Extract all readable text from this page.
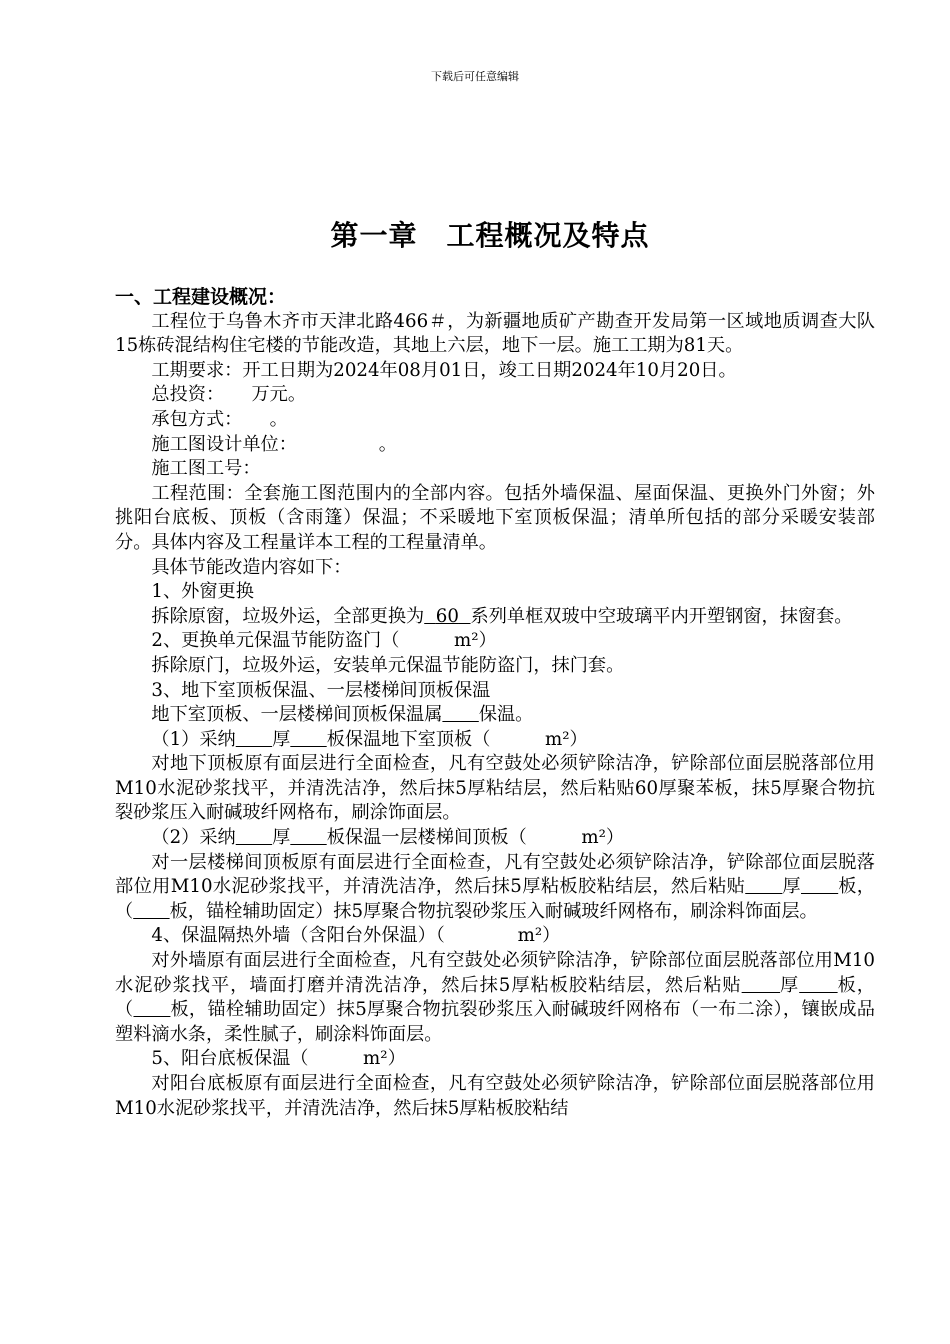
下载后可任意编辑
第一章　工程概况及特点

一、工程建设概况：

工程位于乌鲁木齐市天津北路466＃，为新疆地质矿产勘查开发局第一区域地质调查大队15栋砖混结构住宅楼的节能改造，其地上六层，地下一层。施工工期为81天。

工期要求：开工日期为2024年08月01日，竣工日期2024年10月20日。

总投资：　　 万元。

承包方式：　　 。

施工图设计单位：　　　　　	。

施工图工号：

工程范围：全套施工图范围内的全部内容。包括外墙保温、屋面保温、更换外门外窗；外挑阳台底板、顶板（含雨篷）保温；不采暖地下室顶板保温；清单所包括的部分采暖安装部分。具体内容及工程量详本工程的工程量清单。

具体节能改造内容如下：

1、外窗更换

拆除原窗，垃圾外运，全部更换为 60 系列单框双玻中空玻璃平内开塑钢窗，抹窗套。

2、更换单元保温节能防盗门（　　　	m²）

拆除原门，垃圾外运，安装单元保温节能防盗门，抹门套。

3、地下室顶板保温、一层楼梯间顶板保温

地下室顶板、一层楼梯间顶板保温属　　 保温。

（1）采纳　　 厚　　 板保温地下室顶板（　　　	m²）

对地下顶板原有面层进行全面检查，凡有空鼓处必须铲除洁净，铲除部位面层脱落部位用M10水泥砂浆找平，并清洗洁净，然后抹5厚粘结层，然后粘贴60厚聚苯板，抹5厚聚合物抗裂砂浆压入耐碱玻纤网格布，刷涂饰面层。

（2）采纳　　 厚　　 板保温一层楼梯间顶板（　　　	m²）

对一层楼梯间顶板原有面层进行全面检查，凡有空鼓处必须铲除洁净，铲除部位面层脱落部位用M10水泥砂浆找平，并清洗洁净，然后抹5厚粘板胶粘结层，然后粘贴　　 厚　　 板，（　　 板，锚栓辅助固定）抹5厚聚合物抗裂砂浆压入耐碱玻纤网格布，刷涂料饰面层。

4、保温隔热外墙（含阳台外保温）（　　　　	m²）

对外墙原有面层进行全面检查，凡有空鼓处必须铲除洁净，铲除部位面层脱落部位用M10水泥砂浆找平，墙面打磨并清洗洁净，然后抹5厚粘板胶粘结层，然后粘贴　　 厚　　 板，（　　 板，锚栓辅助固定）抹5厚聚合物抗裂砂浆压入耐碱玻纤网格布（一布二涂），镶嵌成品塑料滴水条，柔性腻子，刷涂料饰面层。

5、阳台底板保温（　　　	m²）

对阳台底板原有面层进行全面检查，凡有空鼓处必须铲除洁净，铲除部位面层脱落部位用M10水泥砂浆找平，并清洗洁净，然后抹5厚粘板胶粘结
